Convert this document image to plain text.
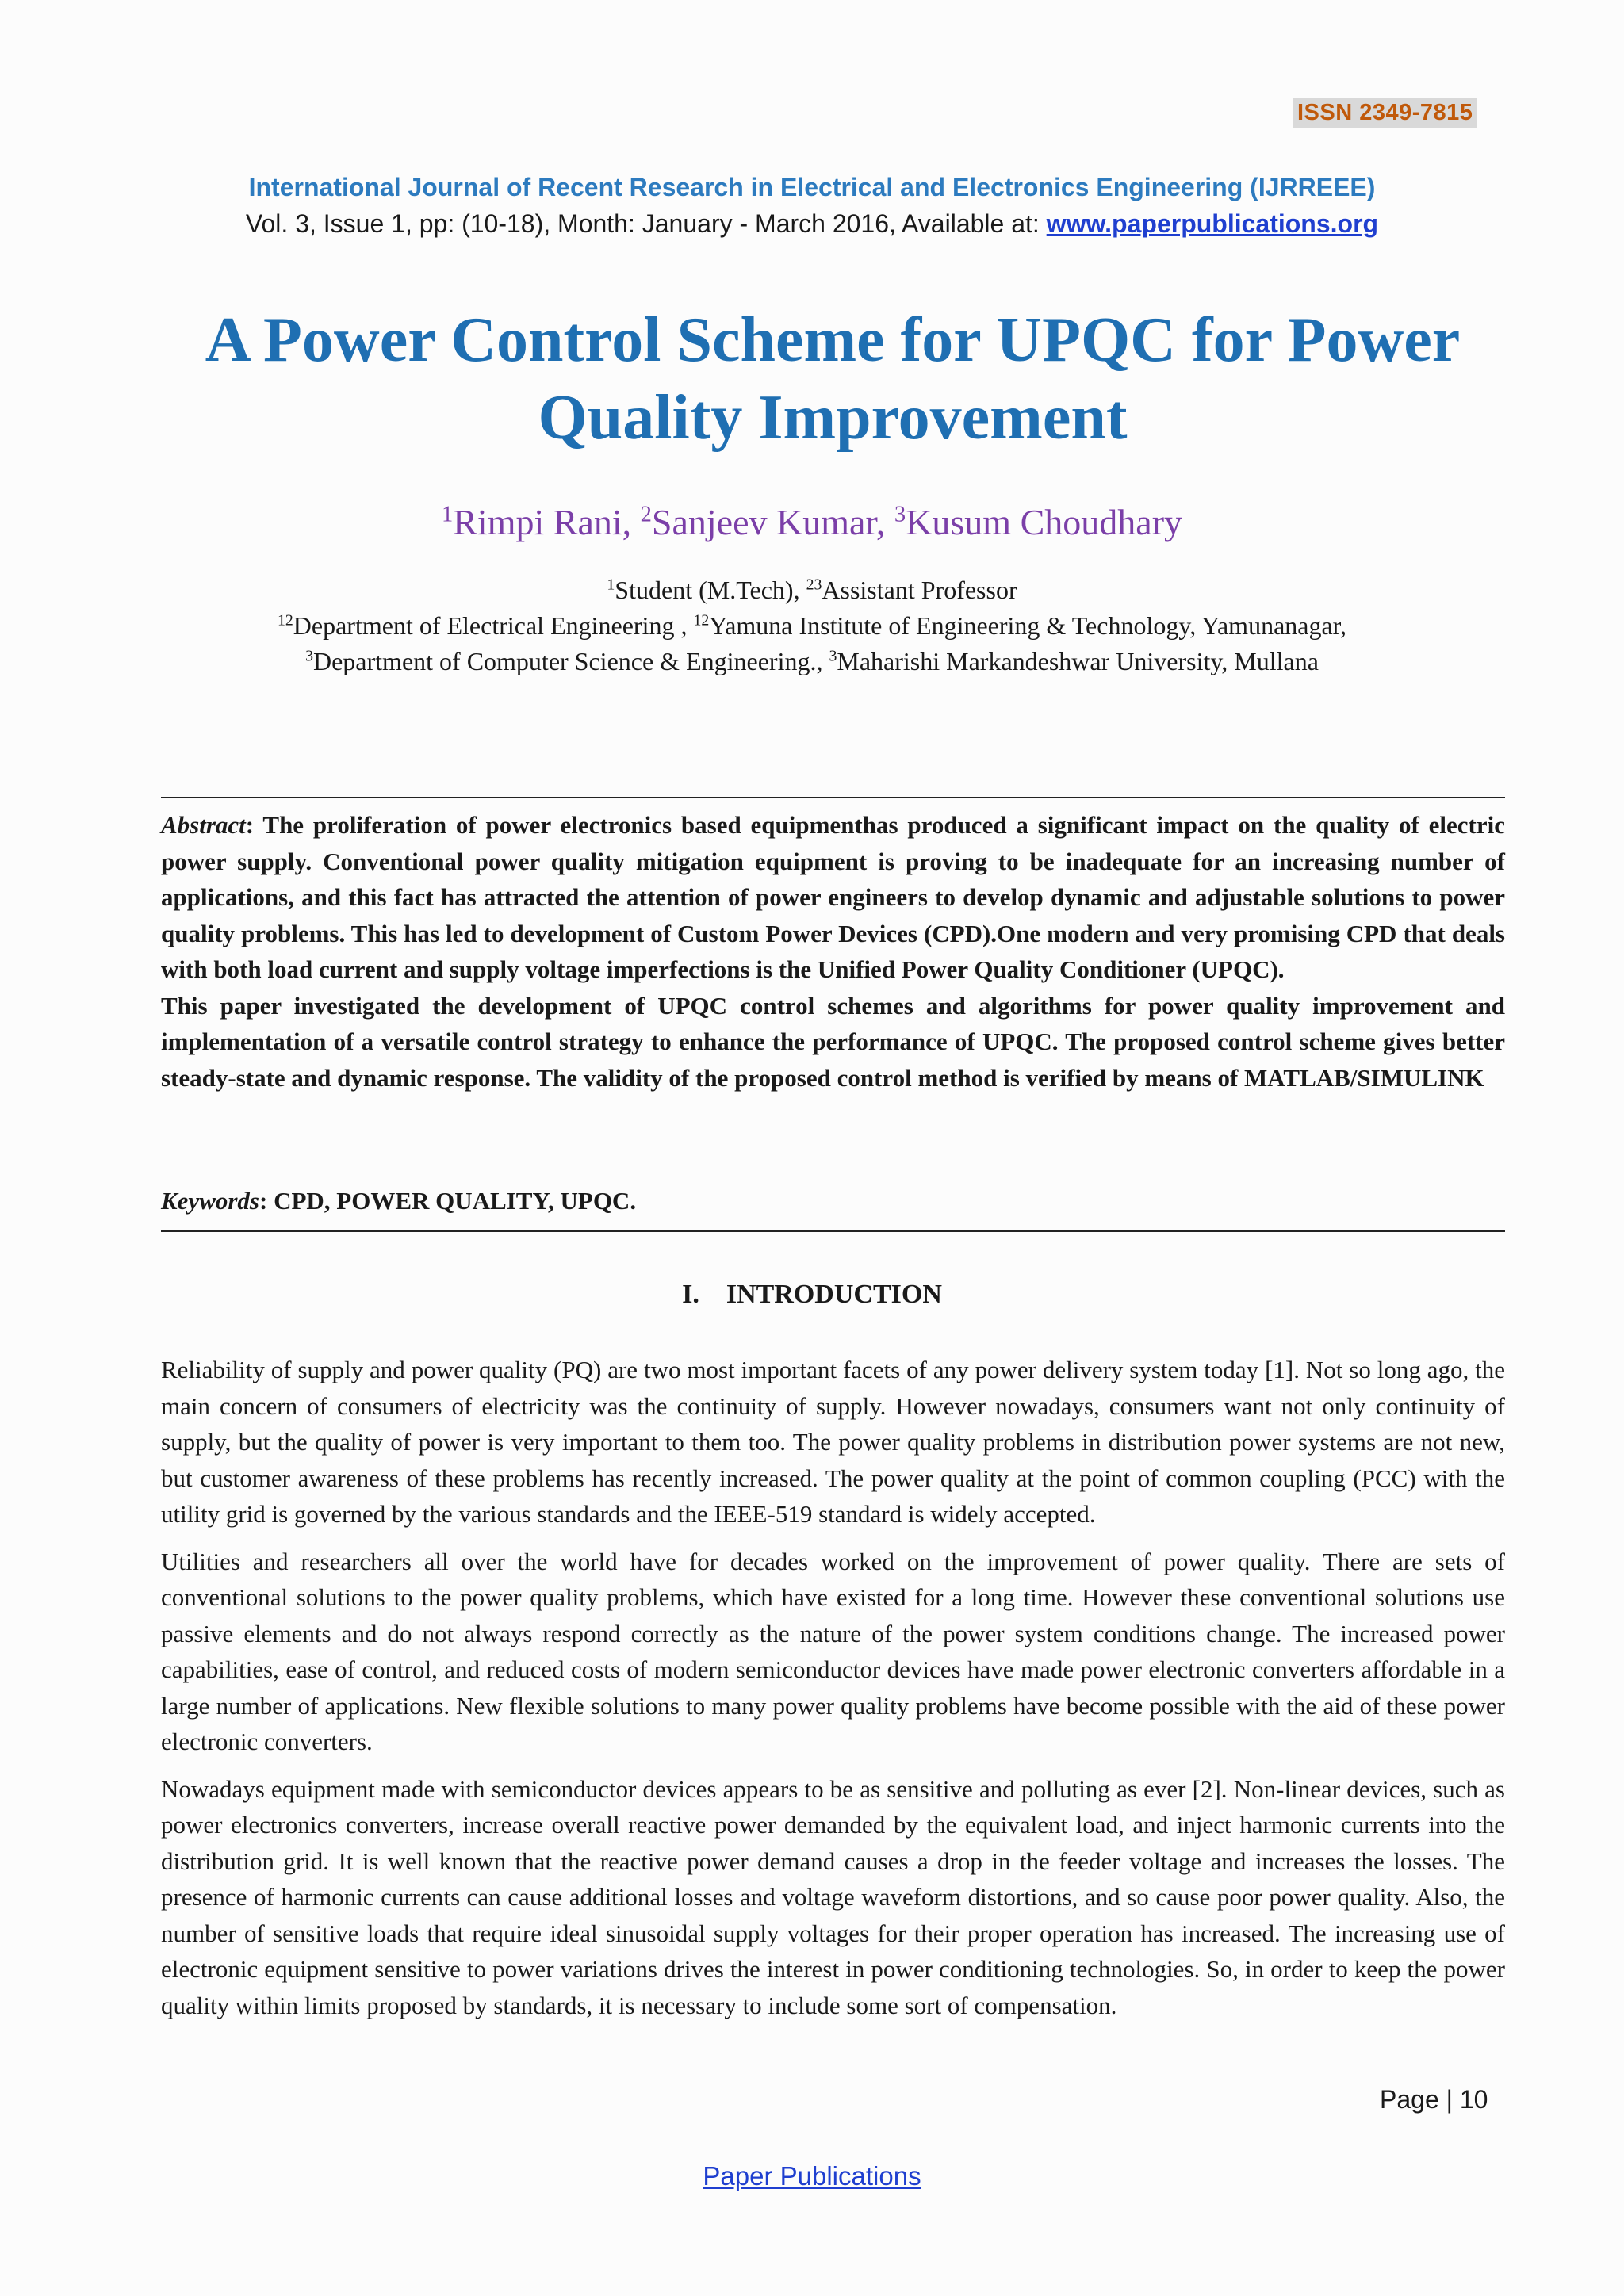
ISSN 2349-7815
International Journal of Recent Research in Electrical and Electronics Engineering (IJRREEE)
Vol. 3, Issue 1, pp: (10-18), Month: January - March 2016, Available at: www.paperpublications.org
A Power Control Scheme for UPQC for Power
Quality Improvement
$^1$Rimpi Rani, $^2$Sanjeev Kumar, $^3$Kusum Choudhary
$^1$Student (M.Tech), $^{23}$Assistant Professor
$^{12}$Department of Electrical Engineering , $^{12}$Yamuna Institute of Engineering & Technology, Yamunanagar,
$^3$Department of Computer Science & Engineering., $^3$Maharishi Markandeshwar University, Mullana

Abstract: The proliferation of power electronics based equipmenthas produced a significant impact on the quality of electric power supply. Conventional power quality mitigation equipment is proving to be inadequate for an increasing number of applications, and this fact has attracted the attention of power engineers to develop dynamic and adjustable solutions to power quality problems. This has led to development of Custom Power Devices (CPD).One modern and very promising CPD that deals with both load current and supply voltage imperfections is the Unified Power Quality Conditioner (UPQC).

This paper investigated the development of UPQC control schemes and algorithms for power quality improvement and implementation of a versatile control strategy to enhance the performance of UPQC. The proposed control scheme gives better steady-state and dynamic response. The validity of the proposed control method is verified by means of MATLAB/SIMULINK

Keywords: CPD, POWER QUALITY, UPQC.
I. INTRODUCTION

Reliability of supply and power quality (PQ) are two most important facets of any power delivery system today [1]. Not so long ago, the main concern of consumers of electricity was the continuity of supply. However nowadays, consumers want not only continuity of supply, but the quality of power is very important to them too. The power quality problems in distribution power systems are not new, but customer awareness of these problems has recently increased. The power quality at the point of common coupling (PCC) with the utility grid is governed by the various standards and the IEEE-519 standard is widely accepted.

Utilities and researchers all over the world have for decades worked on the improvement of power quality. There are sets of conventional solutions to the power quality problems, which have existed for a long time. However these conventional solutions use passive elements and do not always respond correctly as the nature of the power system conditions change. The increased power capabilities, ease of control, and reduced costs of modern semiconductor devices have made power electronic converters affordable in a large number of applications. New flexible solutions to many power quality problems have become possible with the aid of these power electronic converters.

Nowadays equipment made with semiconductor devices appears to be as sensitive and polluting as ever [2]. Non-linear devices, such as power electronics converters, increase overall reactive power demanded by the equivalent load, and inject harmonic currents into the distribution grid. It is well known that the reactive power demand causes a drop in the feeder voltage and increases the losses. The presence of harmonic currents can cause additional losses and voltage waveform distortions, and so cause poor power quality. Also, the number of sensitive loads that require ideal sinusoidal supply voltages for their proper operation has increased. The increasing use of electronic equipment sensitive to power variations drives the interest in power conditioning technologies. So, in order to keep the power quality within limits proposed by standards, it is necessary to include some sort of compensation.

Page | 10
Paper Publications
